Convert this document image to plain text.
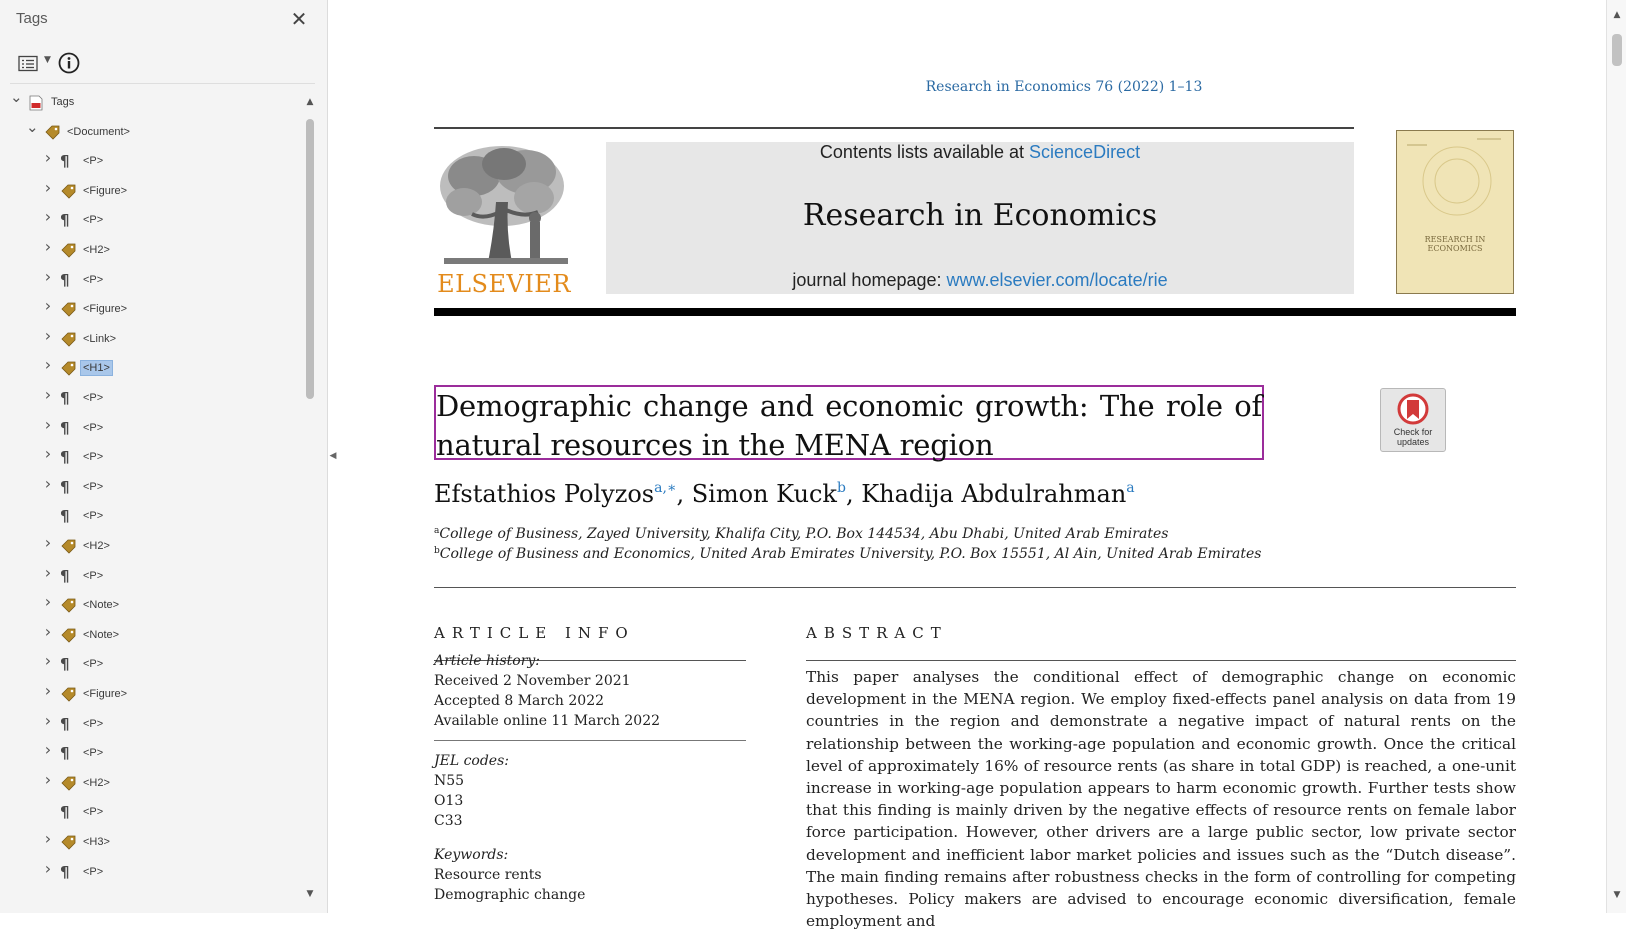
Tags	✕
▼
⌄	Tags
⌄	<Document>
› ¶ <P>
›	<Figure>
› ¶ <P>
›	<H2>
› ¶ <P>
›	<Figure>
›	<Link>
›	<H1>
› ¶ <P>
› ¶ <P>
› ¶ <P>
› ¶ <P>
¶ <P>
›	<H2>
› ¶ <P>
›	<Note>
›	<Note>
› ¶ <P>
›	<Figure>
› ¶ <P>
› ¶ <P>
›	<H2>
¶ <P>
›	<H3>
› ¶ <P>
▲
▼
◀
Research in Economics 76 (2022) 1–13
ELSEVIER
Contents lists available at ScienceDirect
Research in Economics
journal homepage: www.elsevier.com/locate/rie
RESEARCH IN ECONOMICS
Demographic change and economic growth: The role of natural resources in the MENA region	Check for updates
Efstathios Polyzos$^{a,∗}$, Simon Kuck$^b$, Khadija Abdulrahman$^a$
$^a$College of Business, Zayed University, Khalifa City, P.O. Box 144534, Abu Dhabi, United Arab Emirates
$^b$College of Business and Economics, United Arab Emirates University, P.O. Box 15551, Al Ain, United Arab Emirates
ARTICLE INFO	ABSTRACT
Article history:
Received 2 November 2021
Accepted 8 March 2022
Available online 11 March 2022
JEL codes:
N55
O13
C33
Keywords:
Resource rents
Demographic change
This paper analyses the conditional effect of demographic change on economic development in the MENA region. We employ fixed-effects panel analysis on data from 19 countries in the region and demonstrate a negative impact of natural rents on the relationship between the working-age population and economic growth. Once the critical level of approximately 16% of resource rents (as share in total GDP) is reached, a one-unit increase in working-age population appears to harm economic growth. Further tests show that this finding is mainly driven by the negative effects of resource rents on female labor force participation. However, other drivers are a large public sector, low private sector development and inefficient labor market policies and issues such as the “Dutch disease”. The main finding remains after robustness checks in the form of controlling for competing hypotheses. Policy makers are advised to encourage economic diversification, female employment and
▲
▼
